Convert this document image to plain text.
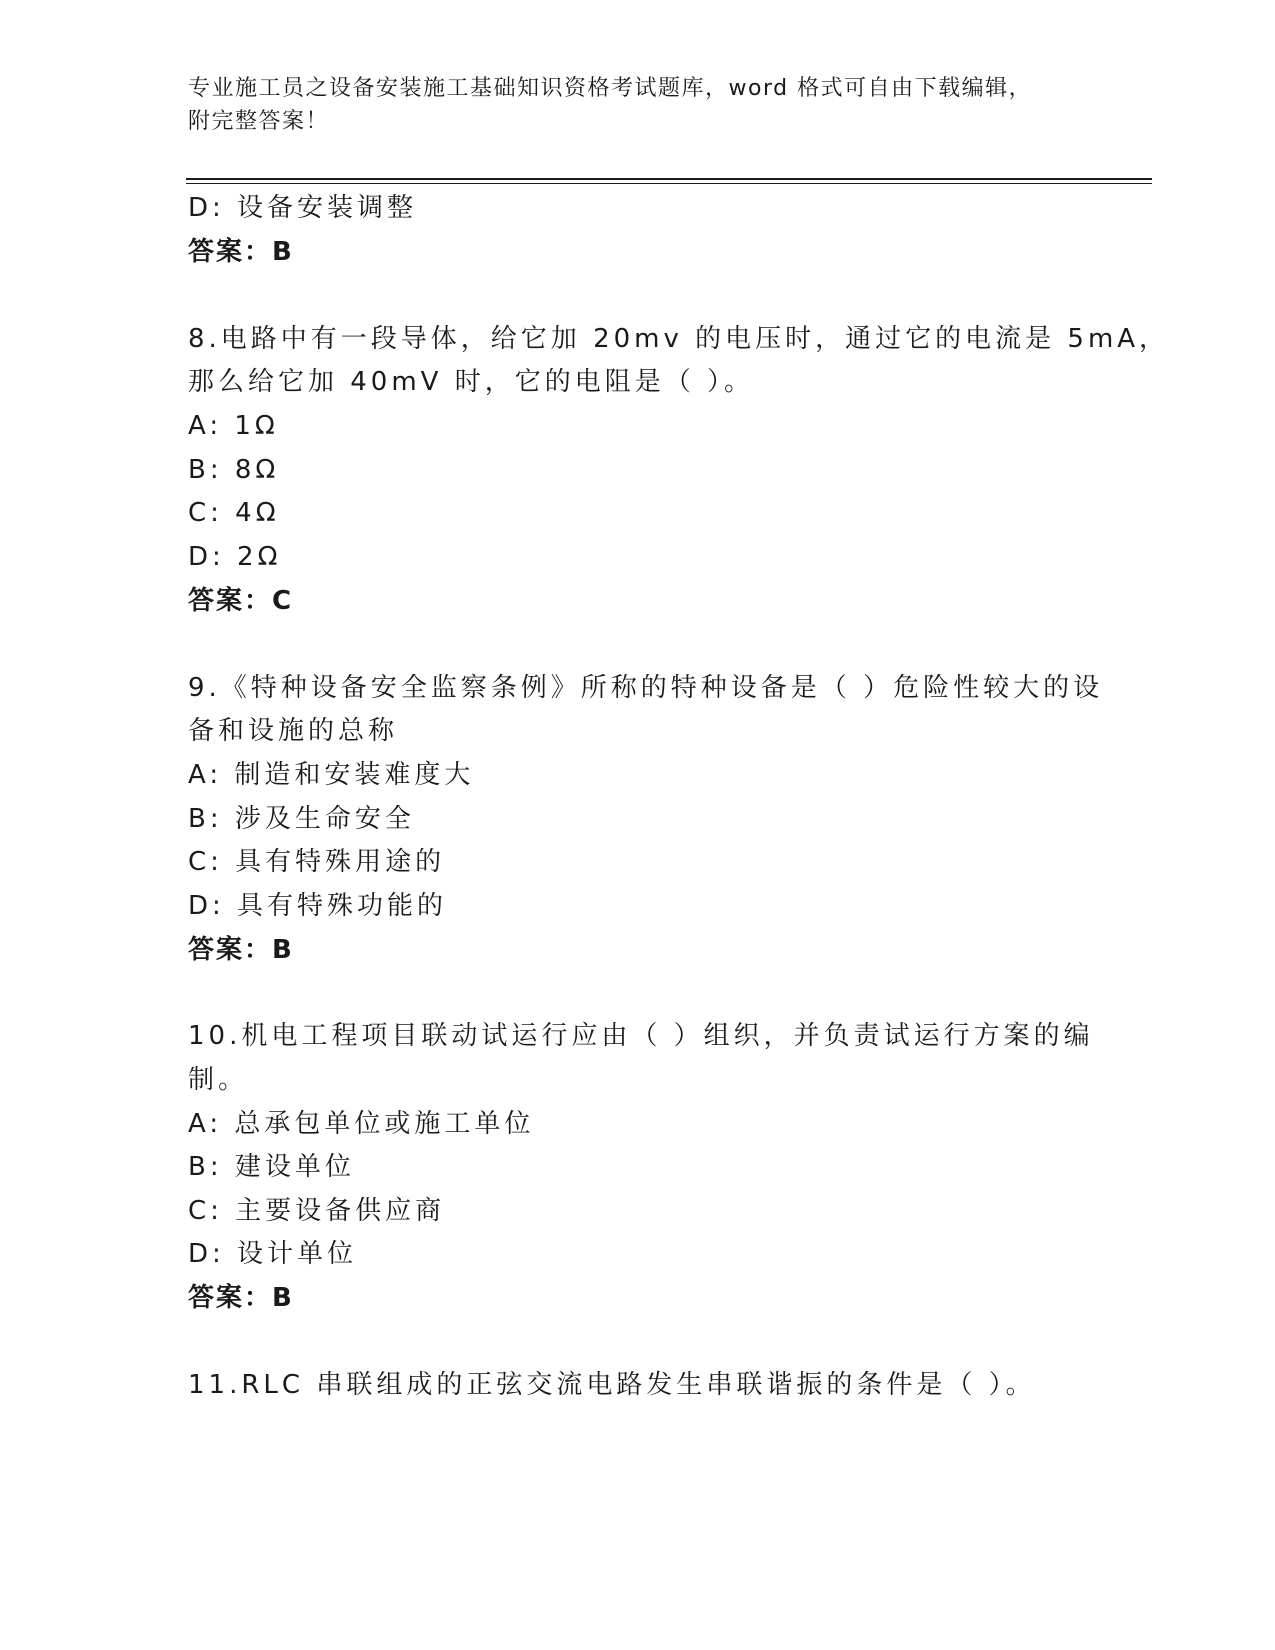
专业施工员之设备安装施工基础知识资格考试题库，word 格式可自由下载编辑，
附完整答案！
D: 设备安装调整
答案：B
8.电路中有一段导体，给它加 20mv 的电压时，通过它的电流是 5mA，
那么给它加 40mV 时，它的电阻是（ ）。
A: 1Ω
B: 8Ω
C: 4Ω
D: 2Ω
答案：C
9.《特种设备安全监察条例》所称的特种设备是（ ）危险性较大的设
备和设施的总称
A: 制造和安装难度大
B: 涉及生命安全
C: 具有特殊用途的
D: 具有特殊功能的
答案：B
10.机电工程项目联动试运行应由（ ）组织，并负责试运行方案的编
制。
A: 总承包单位或施工单位
B: 建设单位
C: 主要设备供应商
D: 设计单位
答案：B
11.RLC 串联组成的正弦交流电路发生串联谐振的条件是（ ）。
